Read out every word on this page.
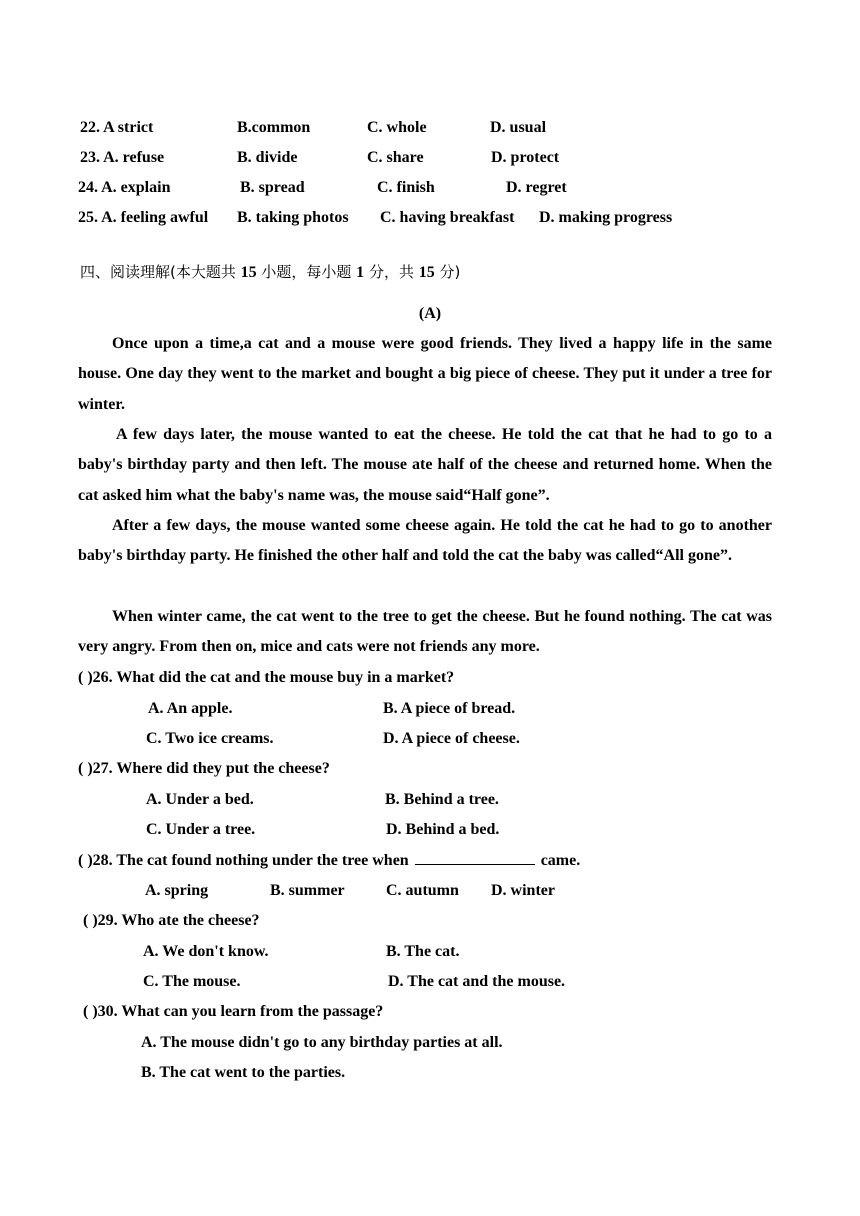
22. A strict	B.common	C. whole	D. usual
23. A. refuse	B. divide	C. share	D. protect
24. A. explain	B. spread	C. finish	D. regret
25. A. feeling awful B. taking photos C. having breakfast D. making progress
四、阅读理解(本大题共 15 小题，每小题 1 分，共 15 分)
(A)
Once upon a time,a cat and a mouse were good friends. They lived a happy life in the same house. One day they went to the market and bought a big piece of cheese. They put it under a tree for winter.
A few days later, the mouse wanted to eat the cheese. He told the cat that he had to go to a baby's birthday party and then left. The mouse ate half of the cheese and returned home. When the cat asked him what the baby's name was, the mouse said“Half gone”.
After a few days, the mouse wanted some cheese again. He told the cat he had to go to another baby's birthday party. He finished the other half and told the cat the baby was called“All gone”.
When winter came, the cat went to the tree to get the cheese. But he found nothing. The cat was very angry. From then on, mice and cats were not friends any more.
( )26. What did the cat and the mouse buy in a market?
A. An apple.	B. A piece of bread.
C. Two ice creams.	D. A piece of cheese.
( )27. Where did they put the cheese?
A. Under a bed.	B. Behind a tree.
C. Under a tree.	D. Behind a bed.
( )28. The cat found nothing under the tree when	came.
A. spring	B. summer	C. autumn D. winter
( )29. Who ate the cheese?
A. We don't know.	B. The cat.
C. The mouse.	D. The cat and the mouse.
( )30. What can you learn from the passage?
A. The mouse didn't go to any birthday parties at all.
B. The cat went to the parties.
